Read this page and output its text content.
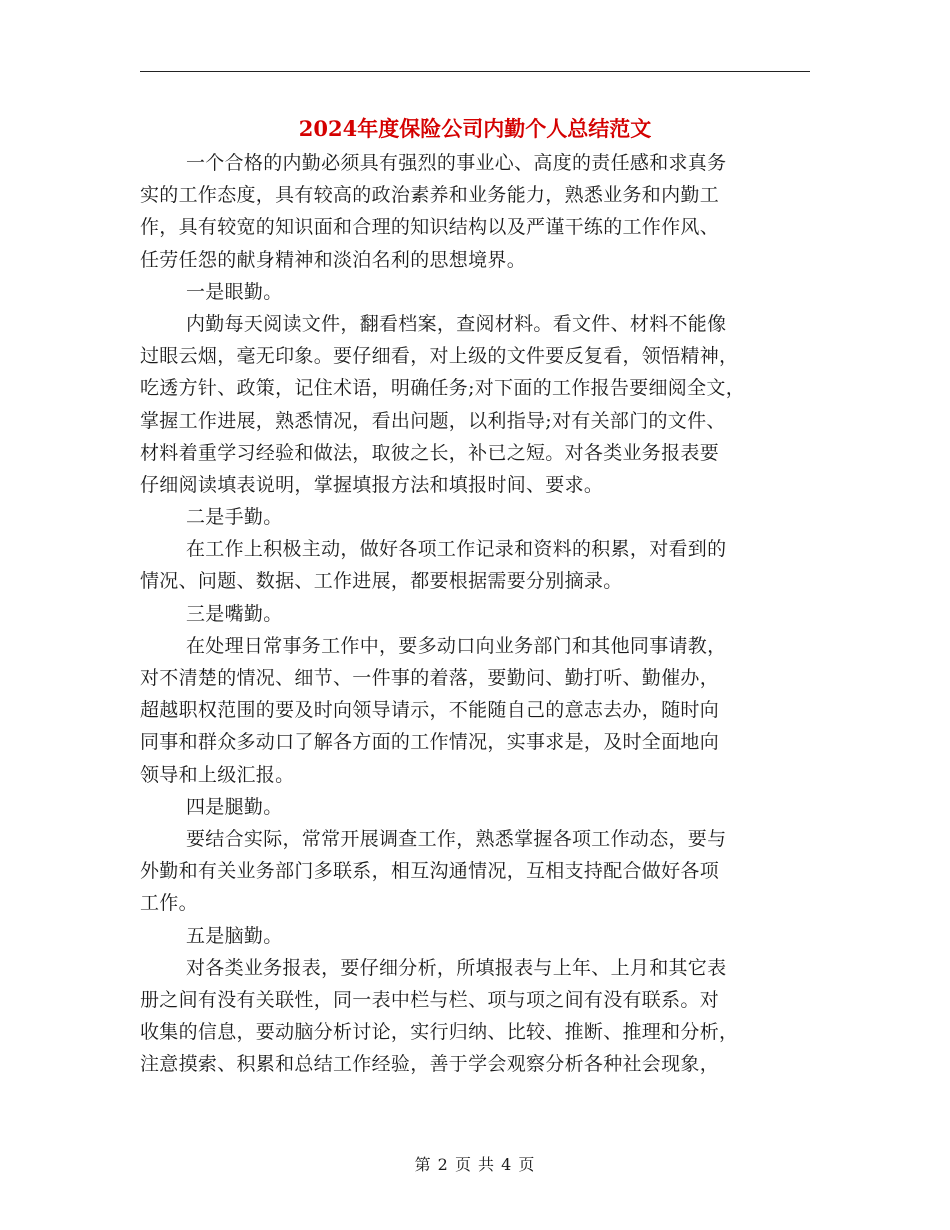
2024年度保险公司内勤个人总结范文
一个合格的内勤必须具有强烈的事业心、高度的责任感和求真务
实的工作态度，具有较高的政治素养和业务能力，熟悉业务和内勤工
作，具有较宽的知识面和合理的知识结构以及严谨干练的工作作风、
任劳任怨的献身精神和淡泊名利的思想境界。
一是眼勤。
内勤每天阅读文件，翻看档案，查阅材料。看文件、材料不能像
过眼云烟，毫无印象。要仔细看，对上级的文件要反复看，领悟精神，
吃透方针、政策，记住术语，明确任务;对下面的工作报告要细阅全文，
掌握工作进展，熟悉情况，看出问题，以利指导;对有关部门的文件、
材料着重学习经验和做法，取彼之长，补已之短。对各类业务报表要
仔细阅读填表说明，掌握填报方法和填报时间、要求。
二是手勤。
在工作上积极主动，做好各项工作记录和资料的积累，对看到的
情况、问题、数据、工作进展，都要根据需要分别摘录。
三是嘴勤。
在处理日常事务工作中，要多动口向业务部门和其他同事请教，
对不清楚的情况、细节、一件事的着落，要勤问、勤打听、勤催办，
超越职权范围的要及时向领导请示，不能随自己的意志去办，随时向
同事和群众多动口了解各方面的工作情况，实事求是，及时全面地向
领导和上级汇报。
四是腿勤。
要结合实际，常常开展调查工作，熟悉掌握各项工作动态，要与
外勤和有关业务部门多联系，相互沟通情况，互相支持配合做好各项
工作。
五是脑勤。
对各类业务报表，要仔细分析，所填报表与上年、上月和其它表
册之间有没有关联性，同一表中栏与栏、项与项之间有没有联系。对
收集的信息，要动脑分析讨论，实行归纳、比较、推断、推理和分析，
注意摸索、积累和总结工作经验，善于学会观察分析各种社会现象，
第 2 页 共 4 页
